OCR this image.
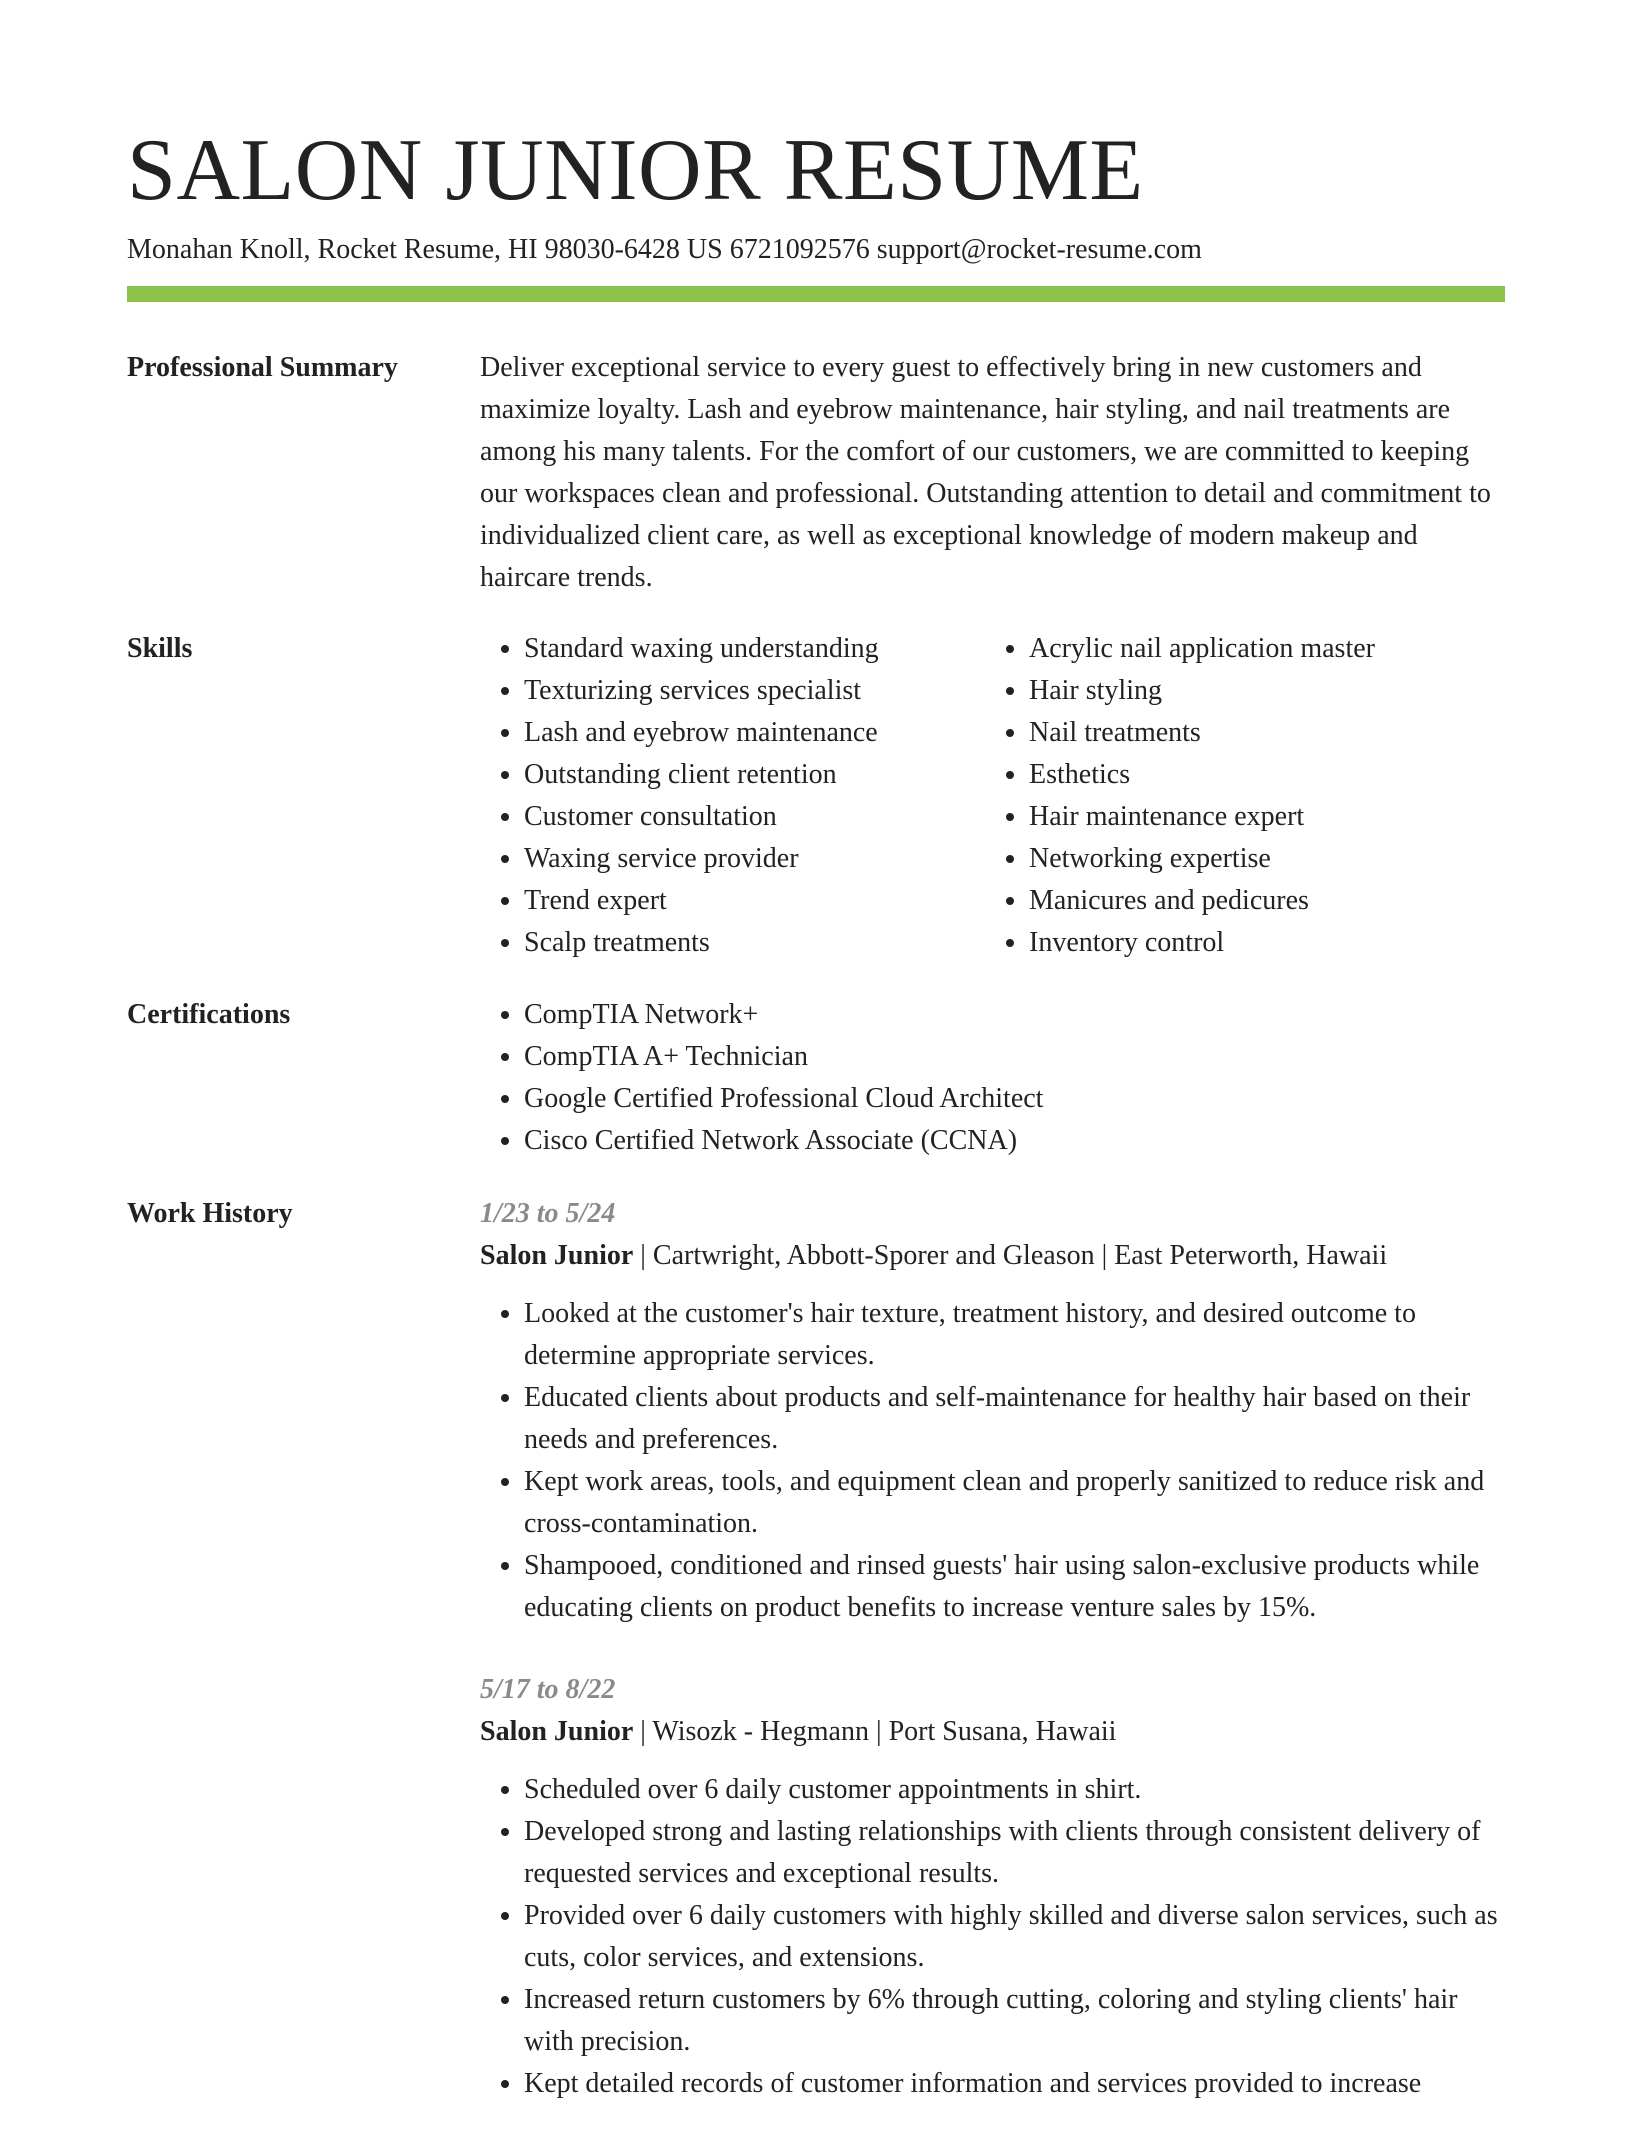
SALON JUNIOR RESUME
Monahan Knoll, Rocket Resume, HI 98030-6428 US 6721092576 support@rocket-resume.com
Professional Summary	Deliver exceptional service to every guest to effectively bring in new customers and maximize loyalty. Lash and eyebrow maintenance, hair styling, and nail treatments are among his many talents. For the comfort of our customers, we are committed to keeping our workspaces clean and professional. Outstanding attention to detail and commitment to individualized client care, as well as exceptional knowledge of modern makeup and haircare trends.

Skills	• Standard waxing understanding
• Texturizing services specialist
• Lash and eyebrow maintenance
• Outstanding client retention
• Customer consultation
• Waxing service provider
• Trend expert
• Scalp treatments
• Acrylic nail application master
• Hair styling
• Nail treatments
• Esthetics
• Hair maintenance expert
• Networking expertise
• Manicures and pedicures
• Inventory control
Certifications	• CompTIA Network+
• CompTIA A+ Technician
• Google Certified Professional Cloud Architect
• Cisco Certified Network Associate (CCNA)
Work History	1/23 to 5/24
Salon Junior | Cartwright, Abbott-Sporer and Gleason | East Peterworth, Hawaii
• Looked at the customer's hair texture, treatment history, and desired outcome to determine appropriate services.
• Educated clients about products and self-maintenance for healthy hair based on their needs and preferences.
• Kept work areas, tools, and equipment clean and properly sanitized to reduce risk and cross-contamination.
• Shampooed, conditioned and rinsed guests' hair using salon-exclusive products while educating clients on product benefits to increase venture sales by 15%.
5/17 to 8/22
Salon Junior | Wisozk - Hegmann | Port Susana, Hawaii
• Scheduled over 6 daily customer appointments in shirt.
• Developed strong and lasting relationships with clients through consistent delivery of requested services and exceptional results.
• Provided over 6 daily customers with highly skilled and diverse salon services, such as cuts, color services, and extensions.
• Increased return customers by 6% through cutting, coloring and styling clients' hair with precision.
• Kept detailed records of customer information and services provided to increase
